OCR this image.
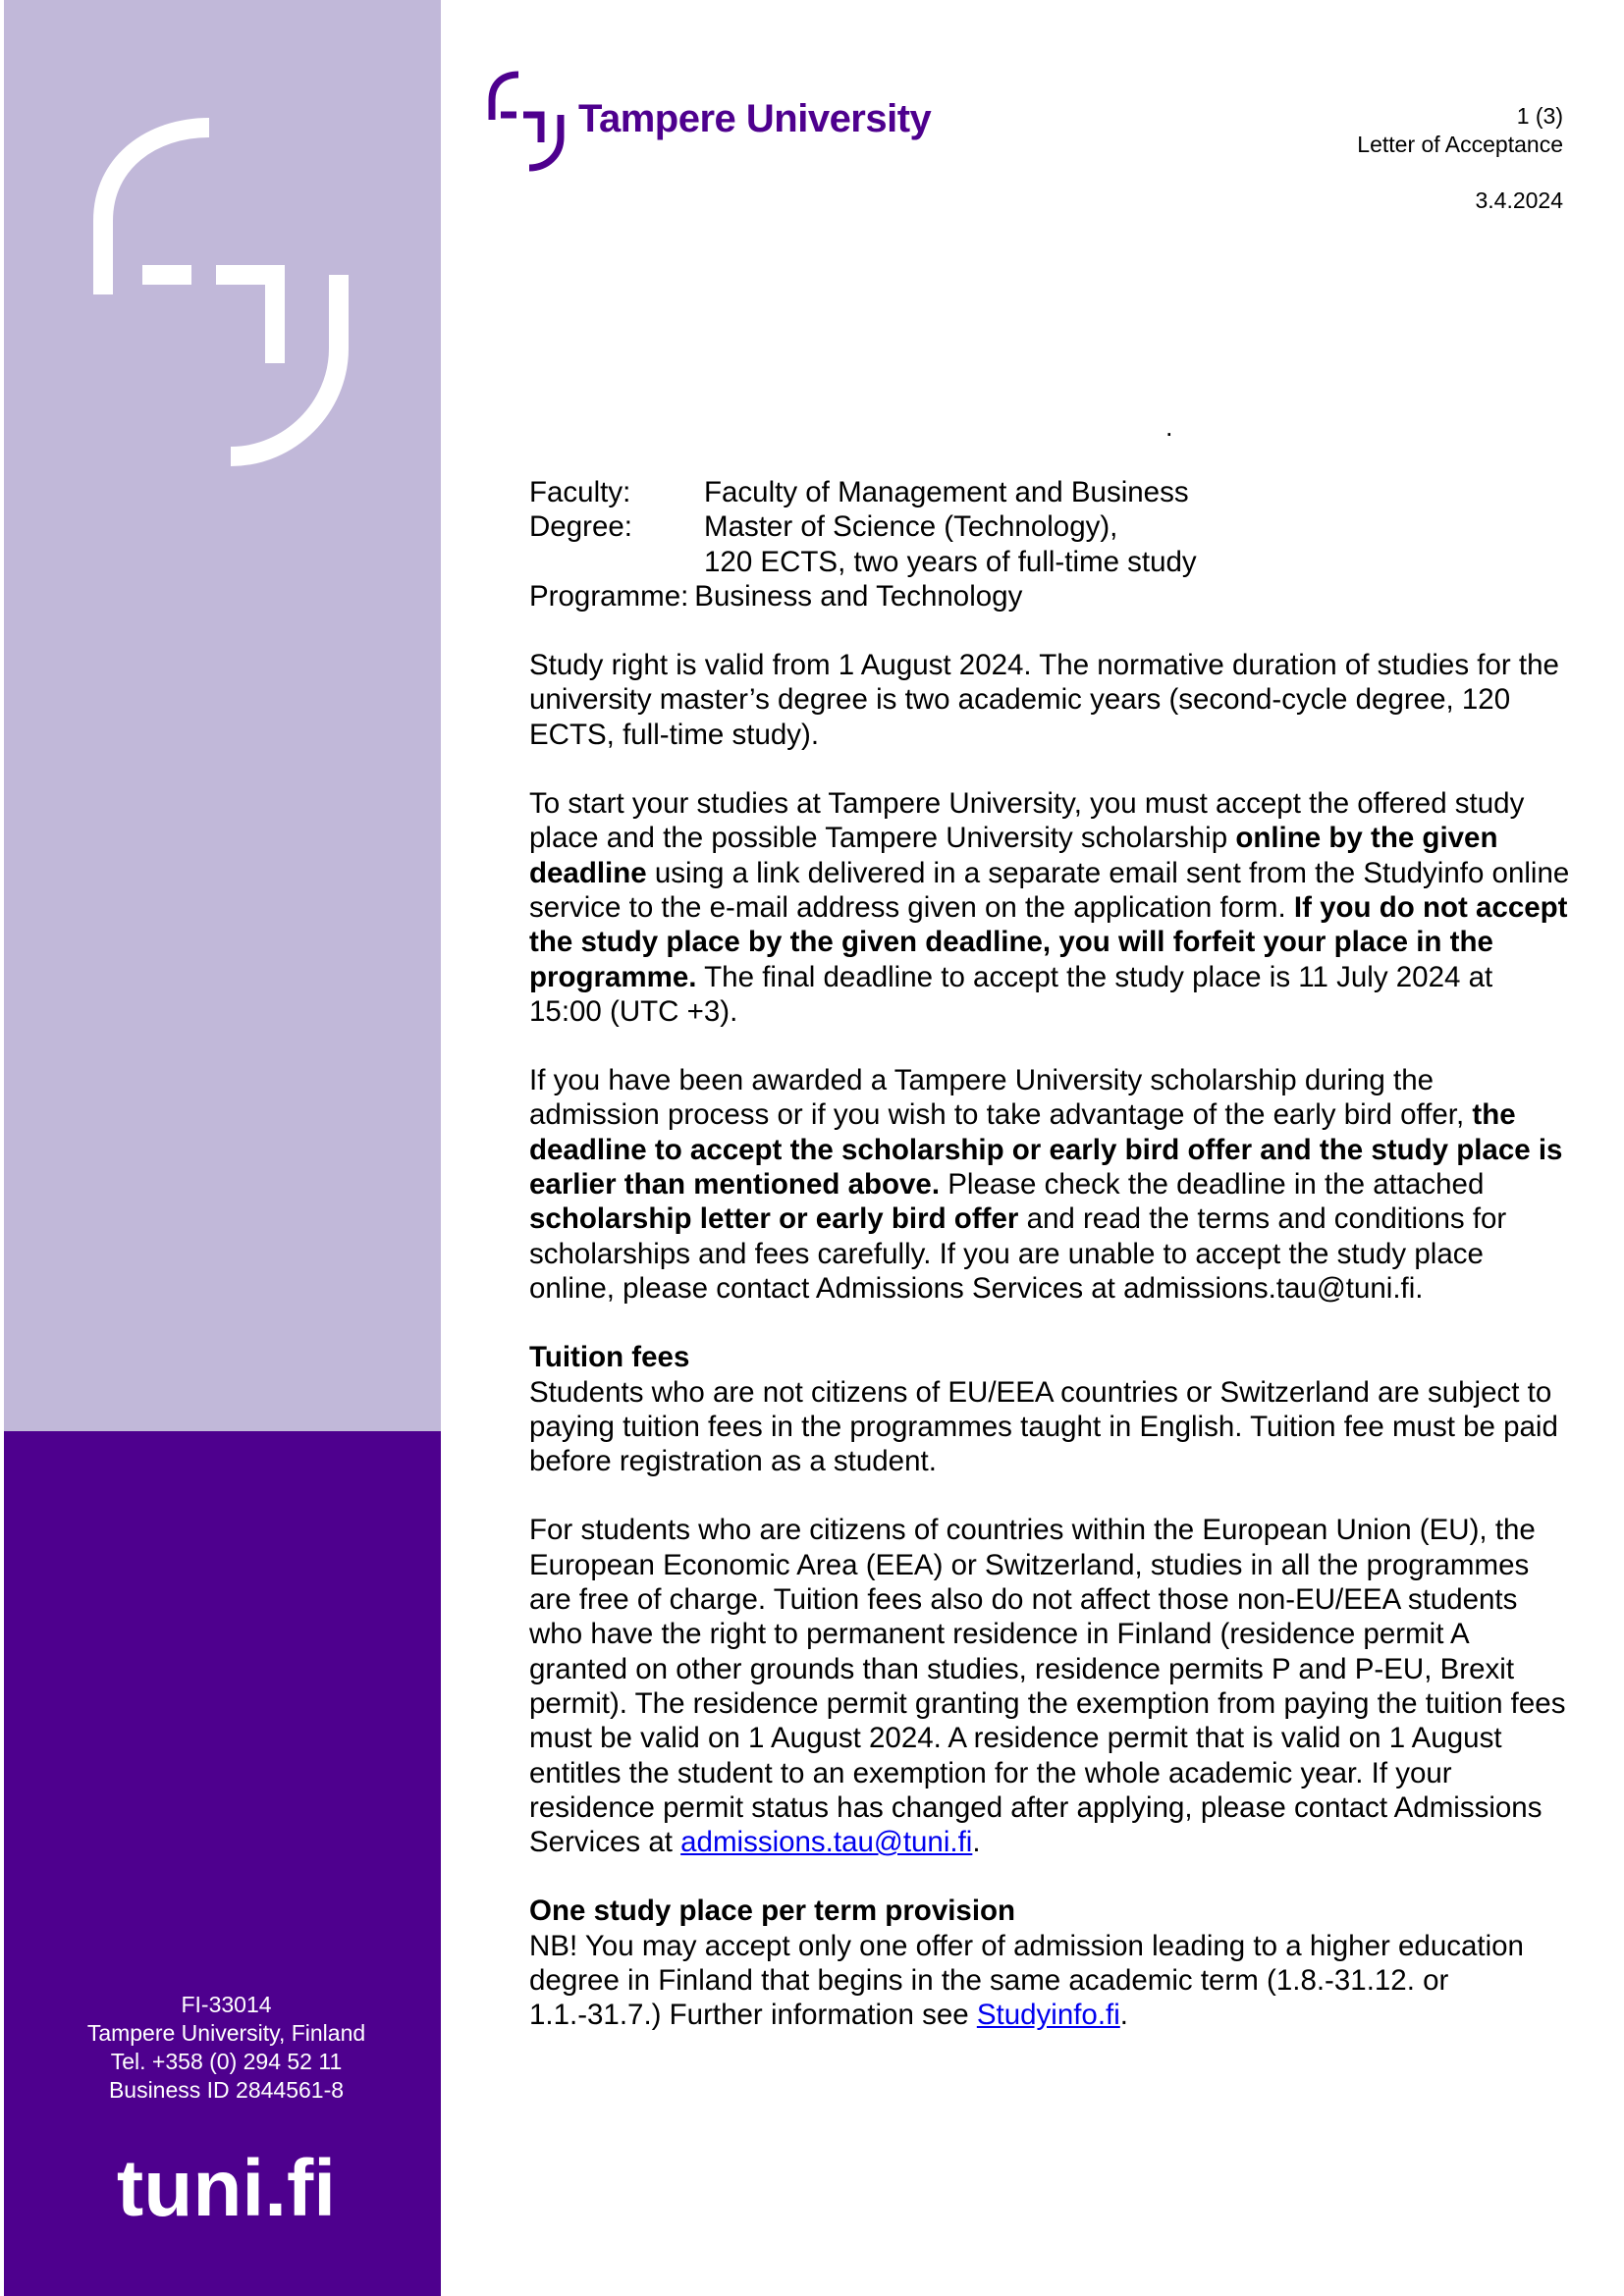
FI-33014
Tampere University, Finland
Tel. +358 (0) 294 52 11
Business ID 2844561-8
tuni.fi
Tampere University	1 (3)
Letter of Acceptance
3.4.2024
.
Faculty:	Faculty of Management and Business
Degree:	Master of Science (Technology),
120 ECTS, two years of full-time study
Programme: Business and Technology

Study right is valid from 1 August 2024. The normative duration of studies for the university master’s degree is two academic years (second-cycle degree, 120 ECTS, full-time study).

To start your studies at Tampere University, you must accept the offered study place and the possible Tampere University scholarship online by the given deadline using a link delivered in a separate email sent from the Studyinfo online service to the e-mail address given on the application form. If you do not accept the study place by the given deadline, you will forfeit your place in the programme. The final deadline to accept the study place is 11 July 2024 at 15:00 (UTC +3).

If you have been awarded a Tampere University scholarship during the admission process or if you wish to take advantage of the early bird offer, the deadline to accept the scholarship or early bird offer and the study place is earlier than mentioned above. Please check the deadline in the attached scholarship letter or early bird offer and read the terms and conditions for scholarships and fees carefully. If you are unable to accept the study place online, please contact Admissions Services at admissions.tau@tuni.fi.

Tuition fees

Students who are not citizens of EU/EEA countries or Switzerland are subject to paying tuition fees in the programmes taught in English. Tuition fee must be paid before registration as a student.

For students who are citizens of countries within the European Union (EU), the European Economic Area (EEA) or Switzerland, studies in all the programmes are free of charge. Tuition fees also do not affect those non-EU/EEA students who have the right to permanent residence in Finland (residence permit A granted on other grounds than studies, residence permits P and P-EU, Brexit permit). The residence permit granting the exemption from paying the tuition fees must be valid on 1 August 2024. A residence permit that is valid on 1 August entitles the student to an exemption for the whole academic year. If your residence permit status has changed after applying, please contact Admissions Services at admissions.tau@tuni.fi.

One study place per term provision

NB! You may accept only one offer of admission leading to a higher education degree in Finland that begins in the same academic term (1.8.-31.12. or 1.1.-31.7.) Further information see Studyinfo.fi.
